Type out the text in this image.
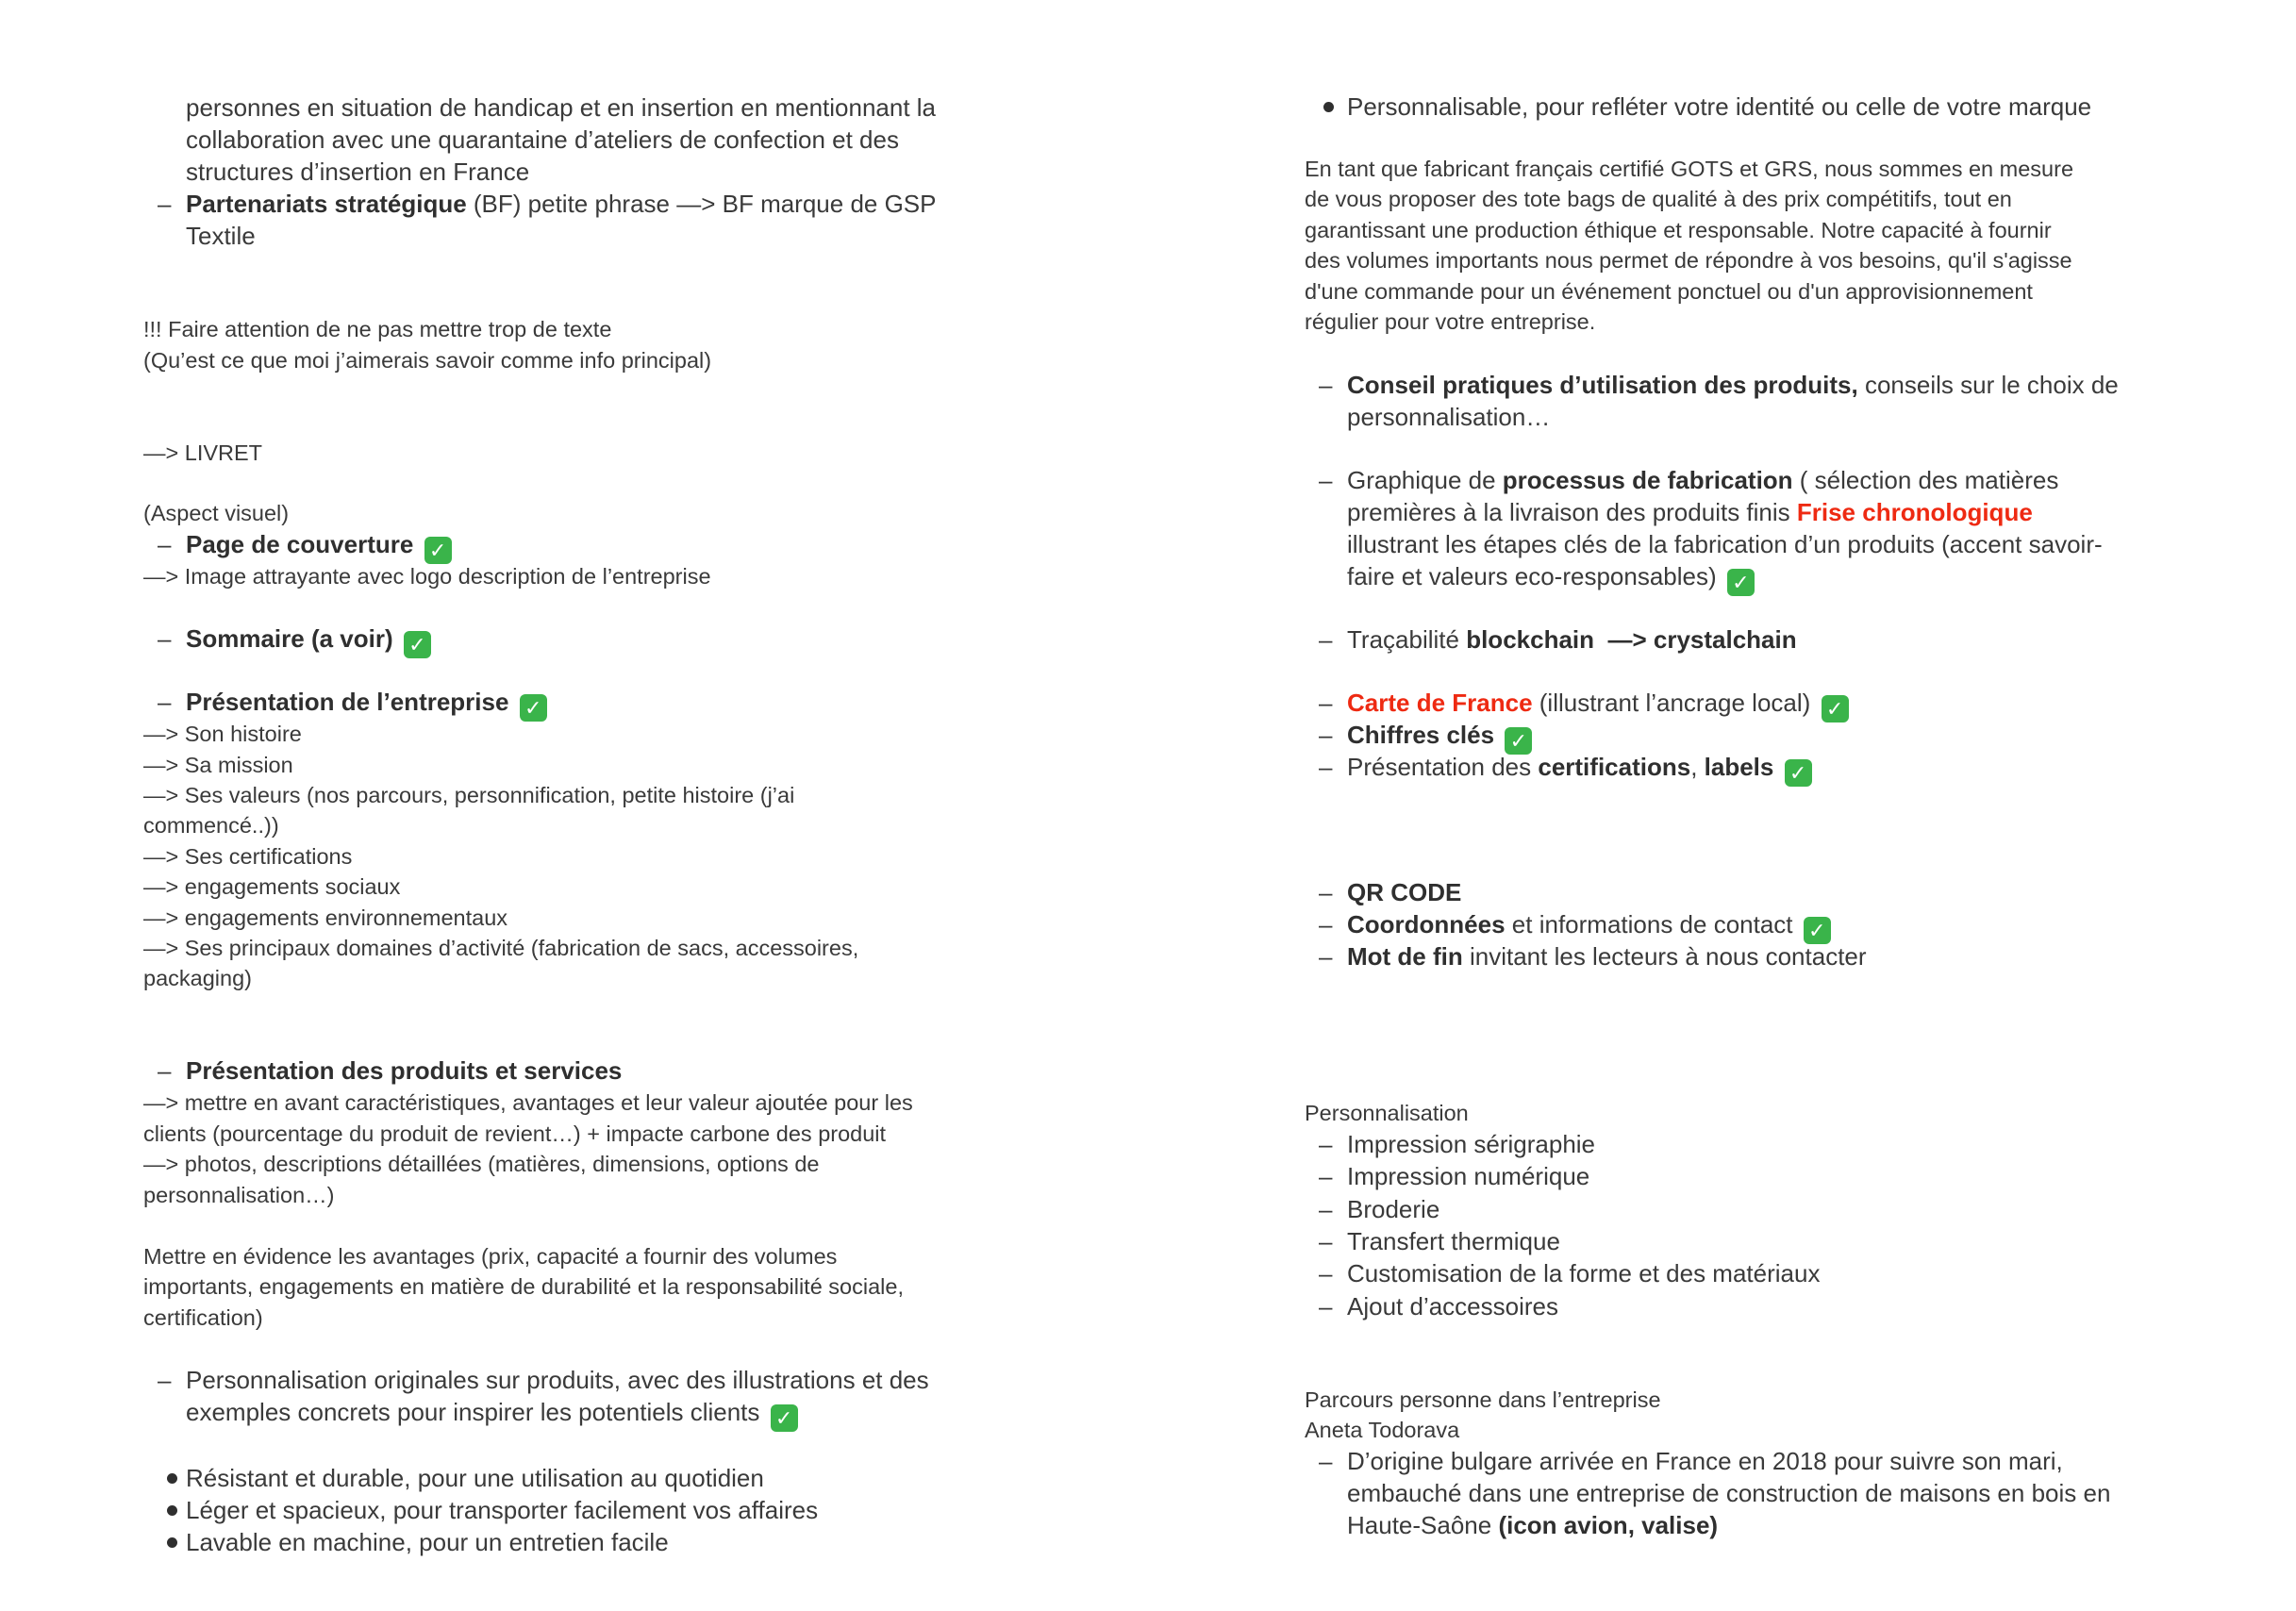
personnes en situation de handicap et en insertion en mentionnant la
collaboration avec une quarantaine d’ateliers de confection et des
structures d’insertion en France
– Partenariats stratégique (BF) petite phrase —> BF marque de GSP
Textile
!!! Faire attention de ne pas mettre trop de texte
(Qu’est ce que moi j’aimerais savoir comme info principal)
—> LIVRET
(Aspect visuel)
– Page de couverture ✓
—> Image attrayante avec logo description de l’entreprise
– Sommaire (a voir) ✓
– Présentation de l’entreprise ✓
—> Son histoire
—> Sa mission
—> Ses valeurs (nos parcours, personnification, petite histoire (j’ai
commencé..))
—> Ses certifications
—> engagements sociaux
—> engagements environnementaux
—> Ses principaux domaines d’activité (fabrication de sacs, accessoires,
packaging)
– Présentation des produits et services
—> mettre en avant caractéristiques, avantages et leur valeur ajoutée pour les
clients (pourcentage du produit de revient…) + impacte carbone des produit
—> photos, descriptions détaillées (matières, dimensions, options de
personnalisation…)
Mettre en évidence les avantages (prix, capacité a fournir des volumes
importants, engagements en matière de durabilité et la responsabilité sociale,
certification)
– Personnalisation originales sur produits, avec des illustrations et des
exemples concrets pour inspirer les potentiels clients ✓
Résistant et durable, pour une utilisation au quotidien
Léger et spacieux, pour transporter facilement vos affaires
Lavable en machine, pour un entretien facile
Personnalisable, pour refléter votre identité ou celle de votre marque
En tant que fabricant français certifié GOTS et GRS, nous sommes en mesure
de vous proposer des tote bags de qualité à des prix compétitifs, tout en
garantissant une production éthique et responsable. Notre capacité à fournir
des volumes importants nous permet de répondre à vos besoins, qu'il s'agisse
d'une commande pour un événement ponctuel ou d'un approvisionnement
régulier pour votre entreprise.
– Conseil pratiques d’utilisation des produits, conseils sur le choix de
personnalisation…
– Graphique de processus de fabrication ( sélection des matières
premières à la livraison des produits finis Frise chronologique
illustrant les étapes clés de la fabrication d’un produits (accent savoir-
faire et valeurs eco-responsables) ✓
– Traçabilité blockchain  —> crystalchain
– Carte de France (illustrant l’ancrage local) ✓
– Chiffres clés ✓
– Présentation des certifications, labels ✓
– QR CODE
– Coordonnées et informations de contact ✓
– Mot de fin invitant les lecteurs à nous contacter
Personnalisation
– Impression sérigraphie
– Impression numérique
– Broderie
– Transfert thermique
– Customisation de la forme et des matériaux
– Ajout d’accessoires
Parcours personne dans l’entreprise
Aneta Todorava
– D’origine bulgare arrivée en France en 2018 pour suivre son mari,
embauché dans une entreprise de construction de maisons en bois en
Haute-Saône (icon avion, valise)
